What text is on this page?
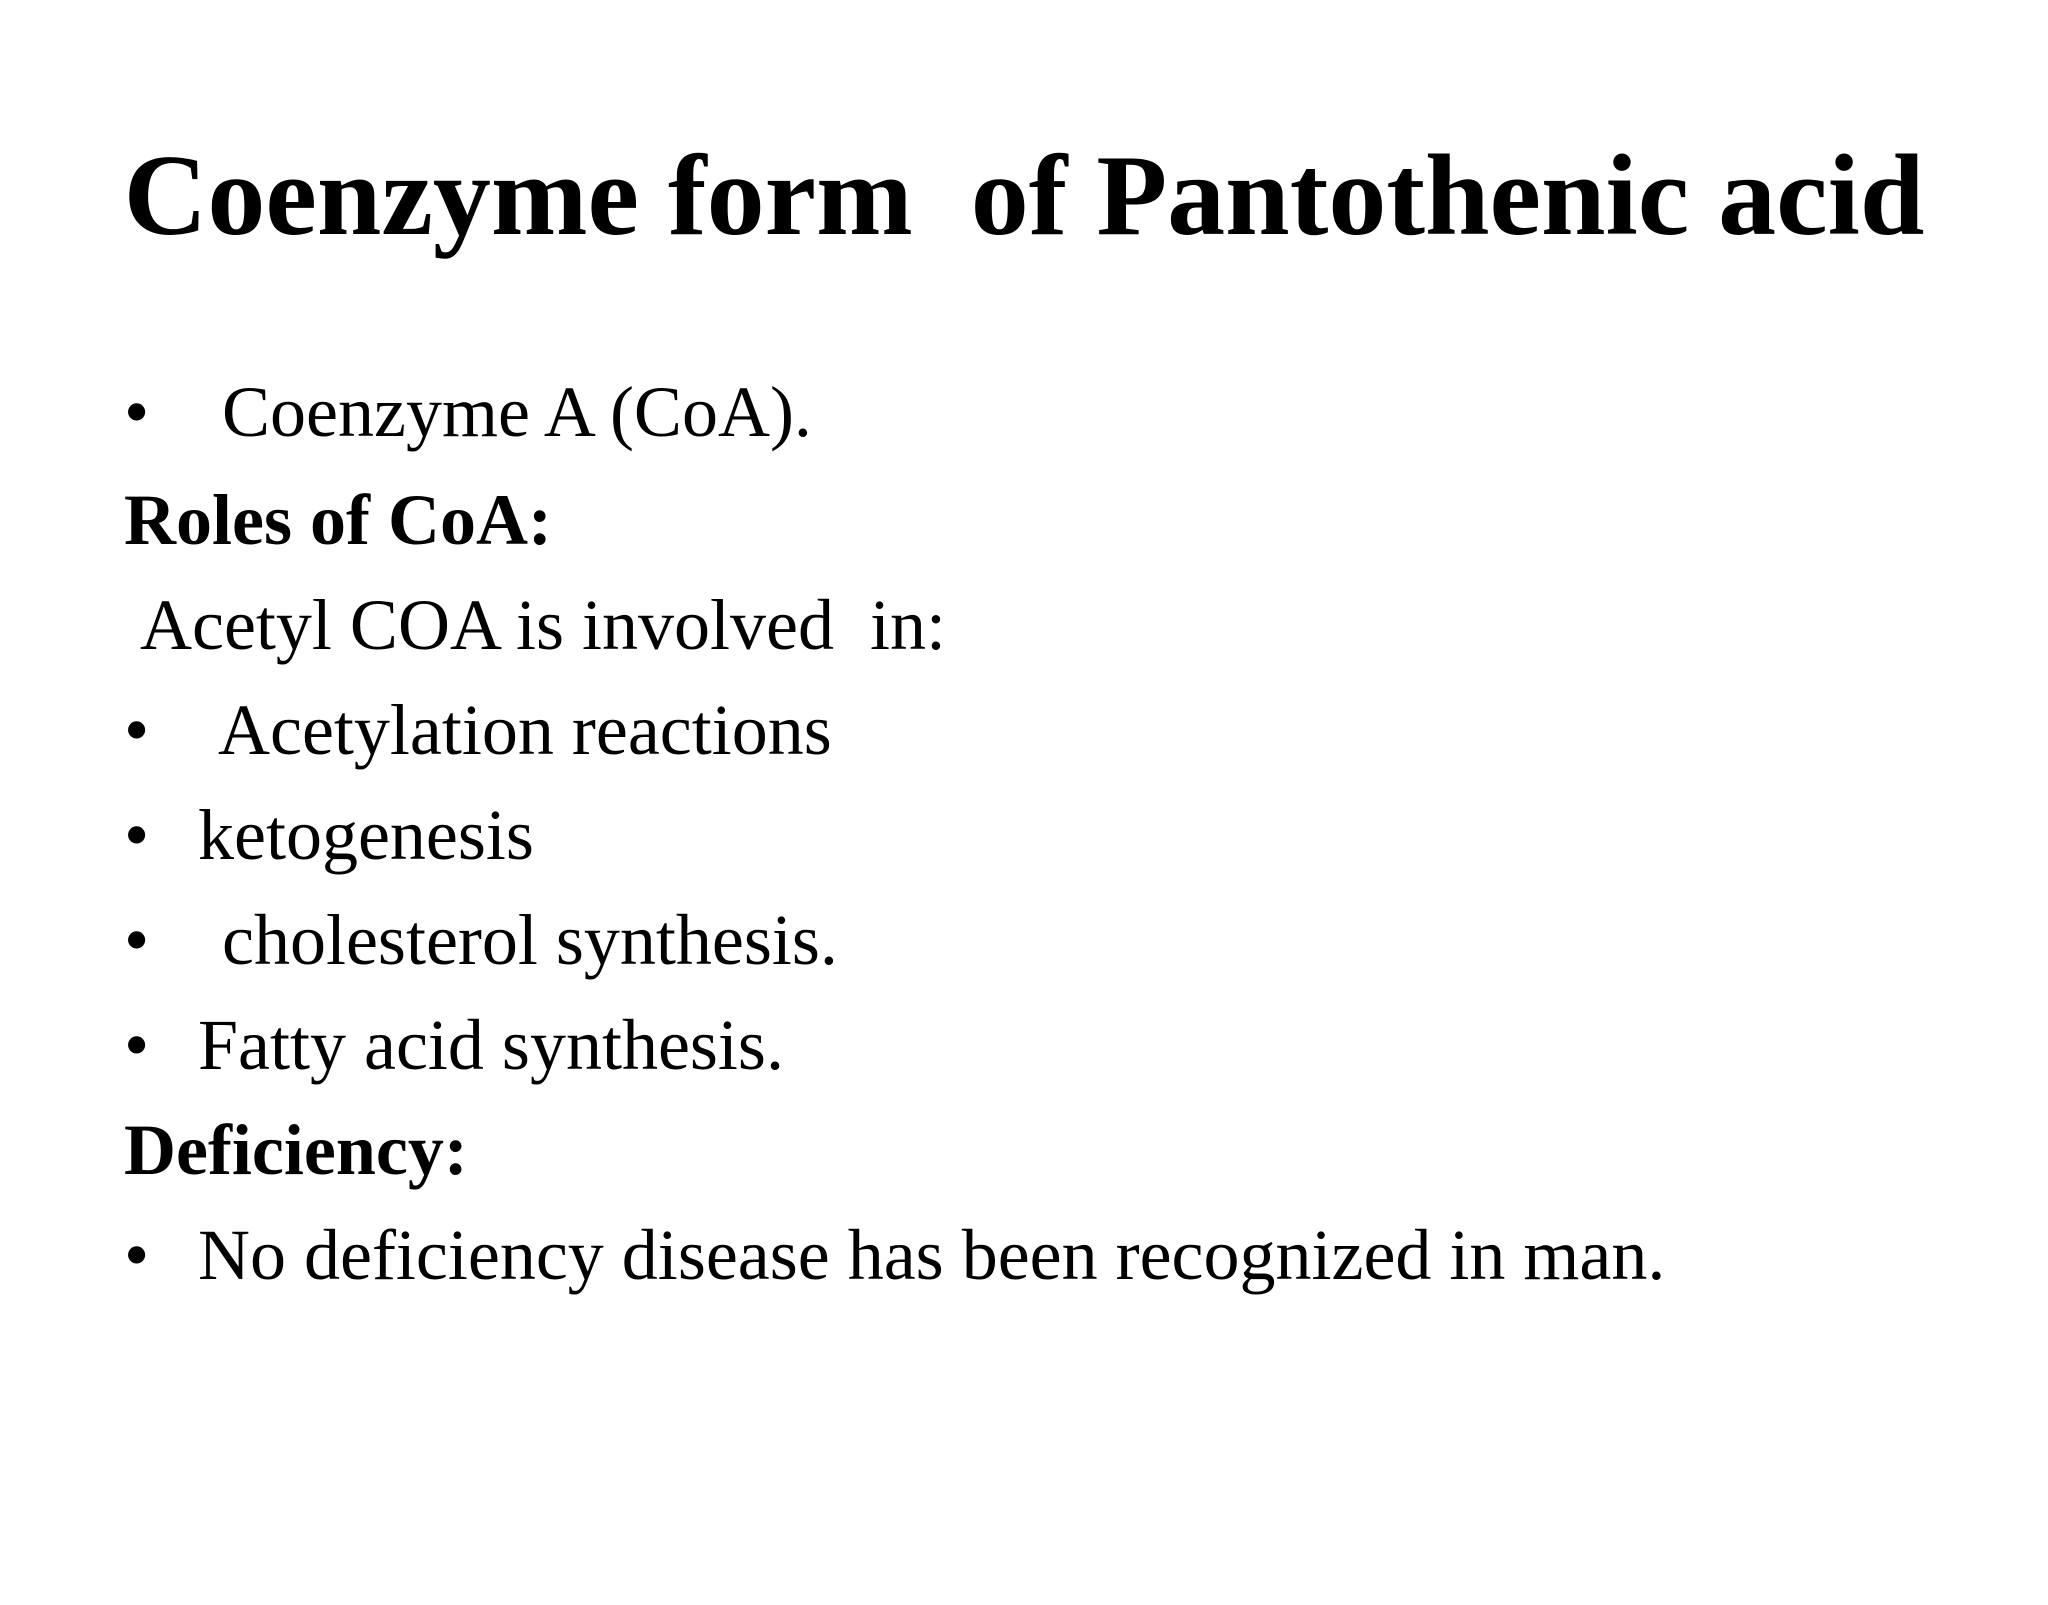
Coenzyme form  of Pantothenic acid

•

Coenzyme A (CoA).

Roles of CoA:

Acetyl COA is involved  in:

•

Acetylation reactions

•

ketogenesis

•

cholesterol synthesis.

•

Fatty acid synthesis.

Deficiency:

•

No deficiency disease has been recognized in man.
